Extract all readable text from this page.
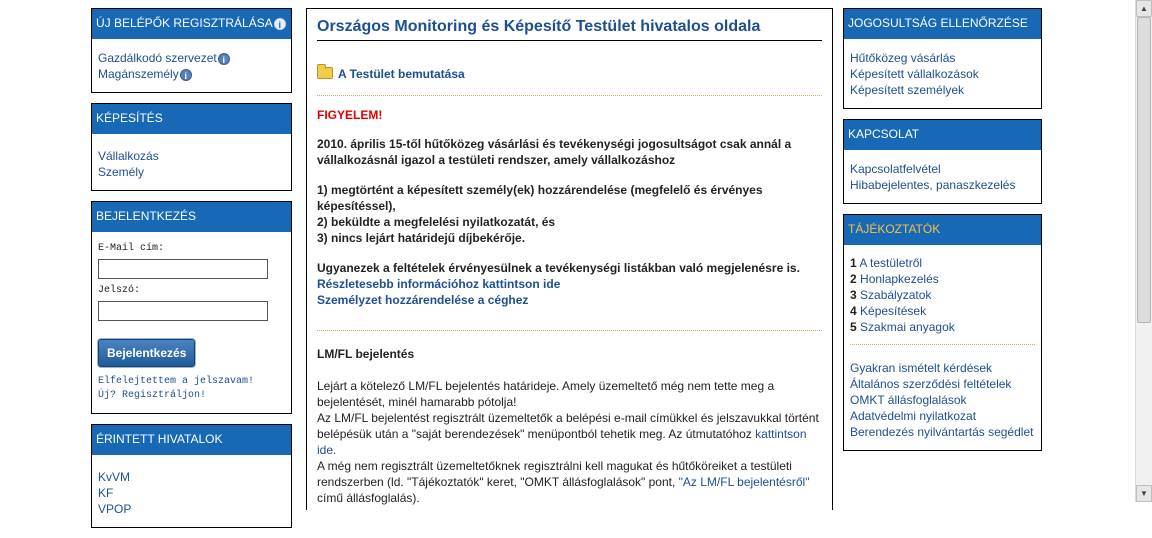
ÚJ BELÉPŐK REGISZTRÁLÁSA i
Gazdálkodó szervezet i
Magánszemély i
KÉPESÍTÉS
Vállalkozás
Személy
BEJELENTKEZÉS
E-Mail cím:
Jelszó:
Bejelentkezés
Elfelejtettem a jelszavam!
Új? Regisztráljon!
ÉRINTETT HIVATALOK
KvVM
KF
VPOP
Országos Monitoring és Képesítő Testület hivatalos oldala
A Testület bemutatása
FIGYELEM!
2010. április 15-től hűtőközeg vásárlási és tevékenységi jogosultságot csak annál a vállalkozásnál igazol a testületi rendszer, amely vállalkozáshoz
1) megtörtént a képesített személy(ek) hozzárendelése (megfelelő és érvényes képesítéssel),
2) beküldte a megfelelési nyilatkozatát, és
3) nincs lejárt határidejű díjbekérője.
Ugyanezek a feltételek érvényesülnek a tevékenységi listákban való megjelenésre is.
Részletesebb információhoz kattintson ide
Személyzet hozzárendelése a céghez
LM/FL bejelentés
Lejárt a kötelező LM/FL bejelentés határideje. Amely üzemeltető még nem tette meg a bejelentését, minél hamarabb pótolja!
Az LM/FL bejelentést regisztrált üzemeltetők a belépési e-mail címükkel és jelszavukkal történt belépésük után a "saját berendezések" menüpontból tehetik meg. Az útmutatóhoz kattintson ide.
A még nem regisztrált üzemeltetőknek regisztrálni kell magukat és hűtőköreiket a testületi rendszerben (ld. "Tájékoztatók" keret, "OMKT állásfoglalások" pont, "Az LM/FL bejelentésről" című állásfoglalás).
JOGOSULTSÁG ELLENŐRZÉSE
Hűtőközeg vásárlás
Képesített vállalkozások
Képesített személyek
KAPCSOLAT
Kapcsolatfelvétel
Hibabejelentes, panaszkezelés
TÁJÉKOZTATÓK
1 A testületről
2 Honlapkezelés
3 Szabályzatok
4 Képesítések
5 Szakmai anyagok
Gyakran ismételt kérdések
Általános szerződési feltételek
OMKT állásfoglalások
Adatvédelmi nyilatkozat
Berendezés nyilvántartás segédlet
▲
▼
